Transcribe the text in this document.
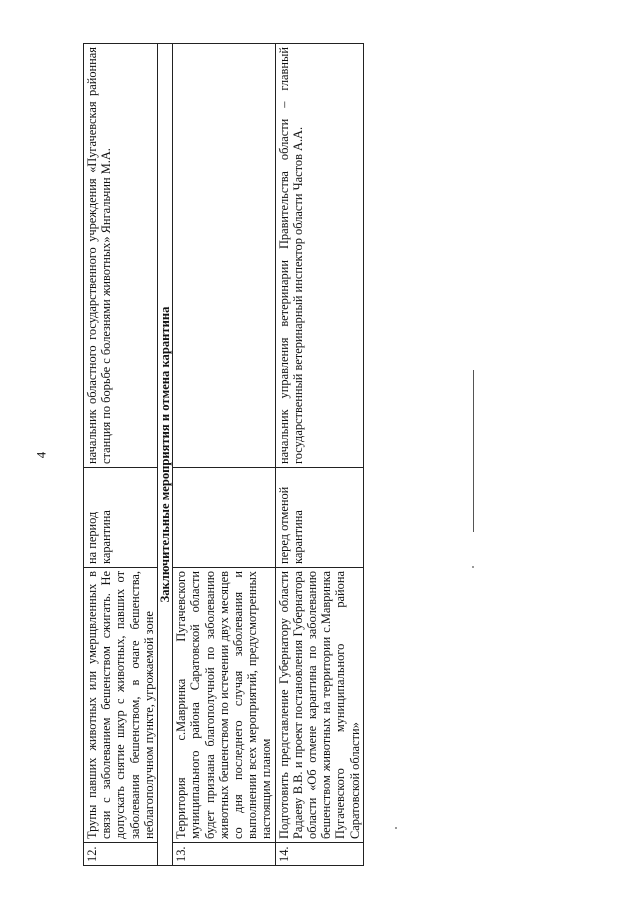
4
12.	Трупы павших животных или умерщвленных в связи с заболеванием бешенством сжигать. Не допускать снятие шкур с животных, павших от заболевания бешенством, в очаге бешенства, неблагополучном пункте, угрожаемой зоне	на период карантина	начальник областного государственного учреждения «Пугачевская районная станция по борьбе с болезнями животных» Янгальчин М.А.
Заключительные мероприятия и отмена карантина			
13.	Территория с.Мавринка Пугачевского муниципального района Саратовской области будет признана благополучной по заболеванию животных бешенством по истечении двух месяцев со дня последнего случая заболевания и выполнении всех мероприятий, предусмотренных настоящим планом		
14.	Подготовить представление Губернатору области Радаеву В.В. и проект постановления Губернатора области «Об отмене карантина по заболеванию бешенством животных на территории с.Мавринка Пугачевского муниципального района Саратовской области»	перед отменой карантина	начальник управления ветеринарии Правительства области – главный государственный ветеринарный инспектор области Частов А.А.
